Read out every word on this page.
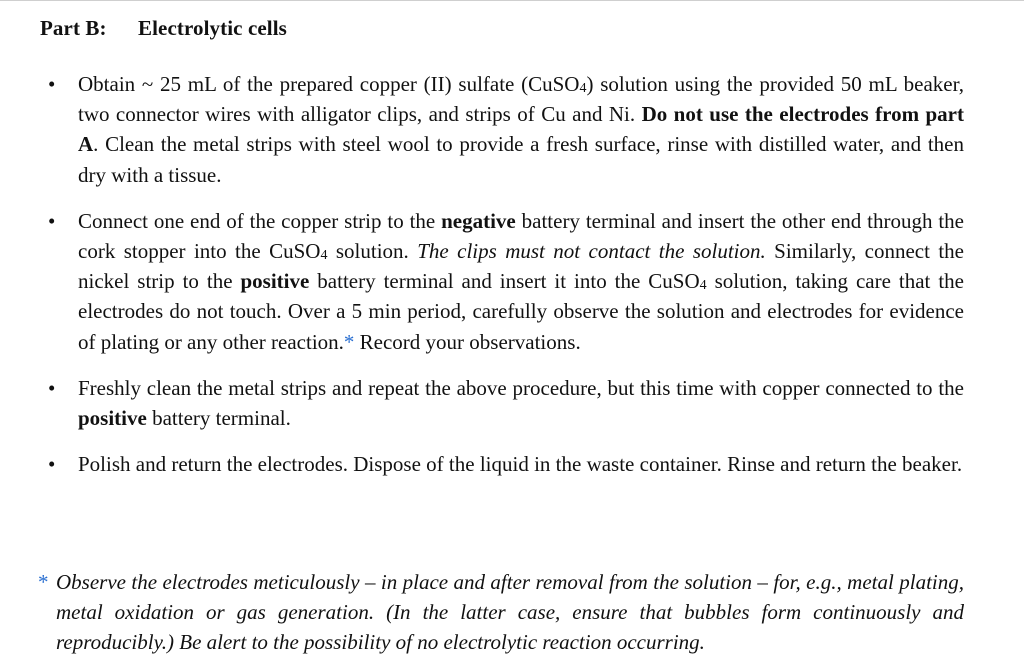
Part B: Electrolytic cells
• Obtain ~ 25 mL of the prepared copper (II) sulfate (CuSO$_4$) solution using the provided 50 mL beaker, two connector wires with alligator clips, and strips of Cu and Ni. Do not use the electrodes from part A. Clean the metal strips with steel wool to provide a fresh surface, rinse with distilled water, and then dry with a tissue.
• Connect one end of the copper strip to the negative battery terminal and insert the other end through the cork stopper into the CuSO$_4$ solution. The clips must not contact the solution. Similarly, connect the nickel strip to the positive battery terminal and insert it into the CuSO$_4$ solution, taking care that the electrodes do not touch. Over a 5 min period, carefully observe the solution and electrodes for evidence of plating or any other reaction.* Record your observations.
• Freshly clean the metal strips and repeat the above procedure, but this time with copper connected to the positive battery terminal.
• Polish and return the electrodes. Dispose of the liquid in the waste container. Rinse and return the beaker.
* Observe the electrodes meticulously – in place and after removal from the solution – for, e.g., metal plating, metal oxidation or gas generation. (In the latter case, ensure that bubbles form continuously and reproducibly.) Be alert to the possibility of no electrolytic reaction occurring.
